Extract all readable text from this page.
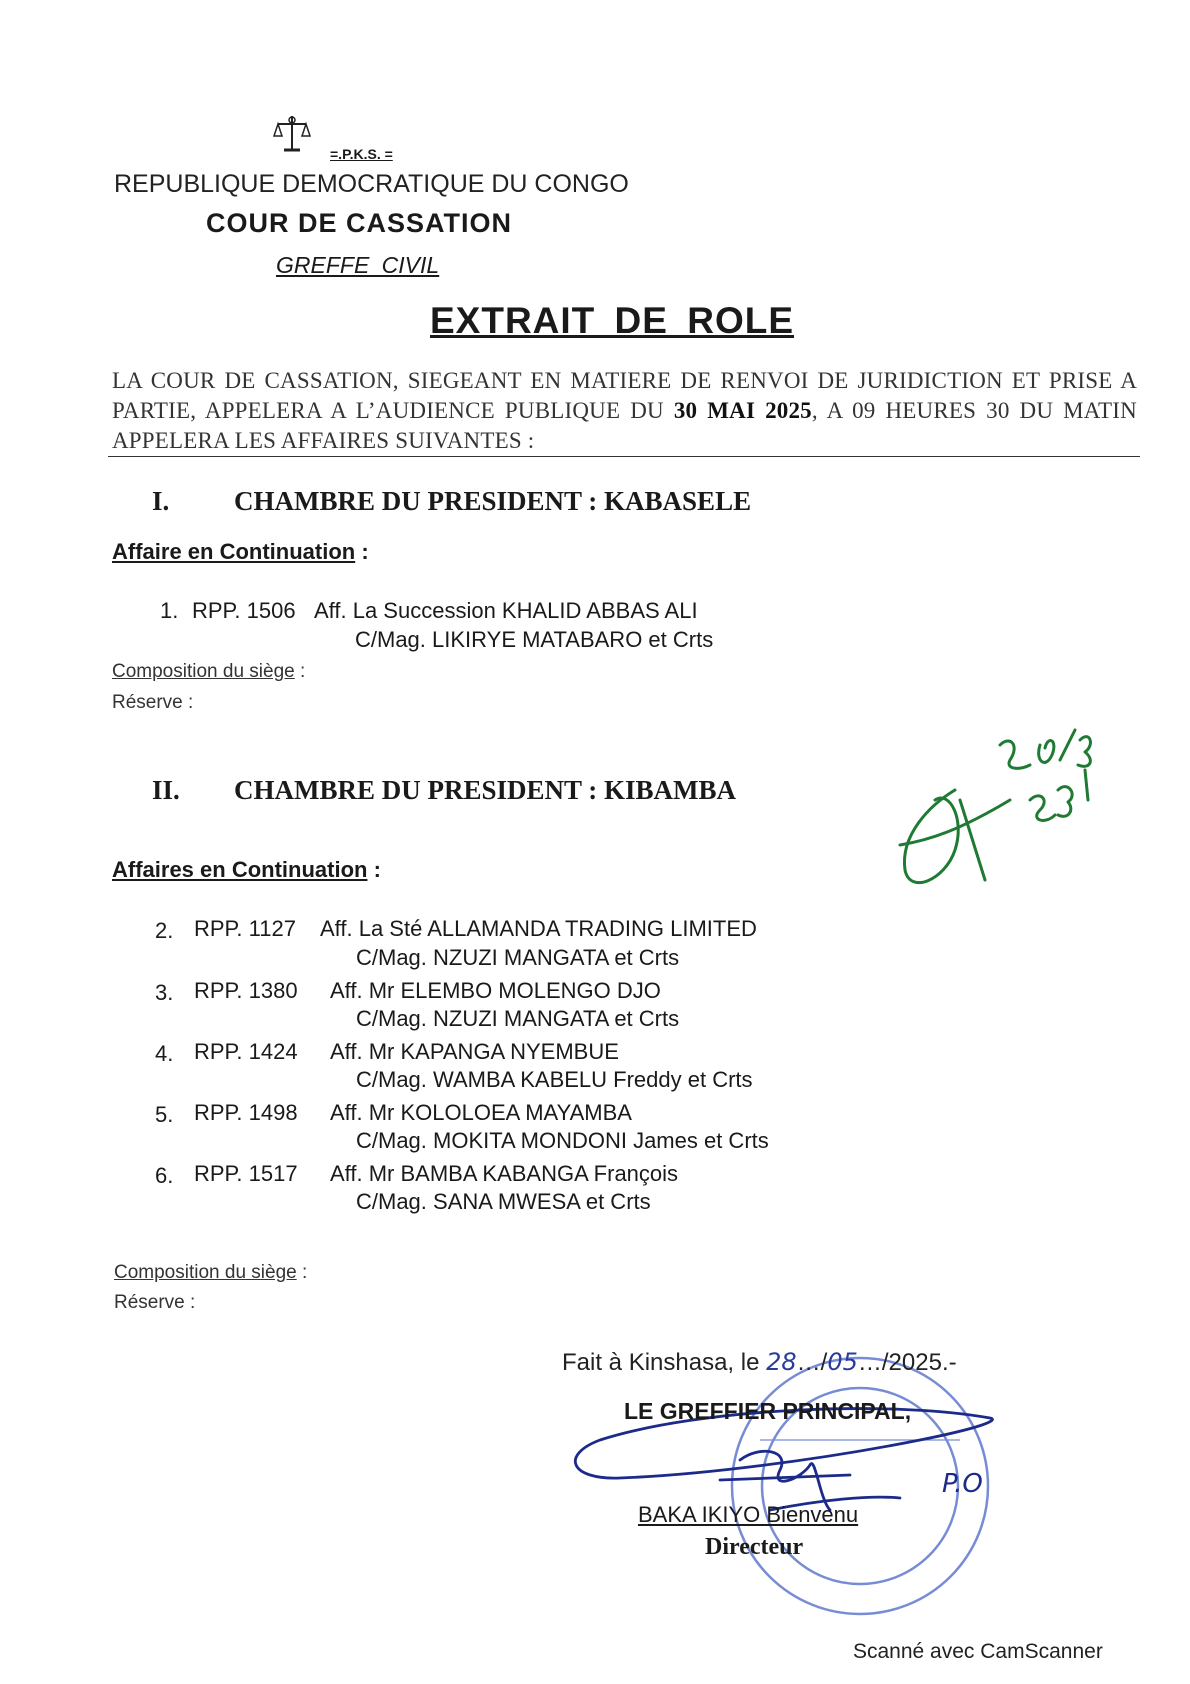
=.P.K.S. =
REPUBLIQUE DEMOCRATIQUE DU CONGO
COUR DE CASSATION
GREFFE CIVIL
EXTRAIT DE ROLE
LA COUR DE CASSATION, SIEGEANT EN MATIERE DE RENVOI DE JURIDICTION ET PRISE A PARTIE, APPELERA A L’AUDIENCE PUBLIQUE DU 30 MAI 2025, A 09 HEURES 30 DU MATIN APPELERA LES AFFAIRES SUIVANTES :
I. CHAMBRE DU PRESIDENT : KABASELE
Affaire en Continuation :
1. RPP. 1506 Aff. La Succession KHALID ABBAS ALI
C/Mag. LIKIRYE MATABARO et Crts
Composition du siège :
Réserve :
II. CHAMBRE DU PRESIDENT : KIBAMBA
Affaires en Continuation :
2. RPP. 1127 Aff. La Sté ALLAMANDA TRADING LIMITED
C/Mag. NZUZI MANGATA et Crts
3. RPP. 1380 Aff. Mr ELEMBO MOLENGO DJO
C/Mag. NZUZI MANGATA et Crts
4. RPP. 1424 Aff. Mr KAPANGA NYEMBUE
C/Mag. WAMBA KABELU Freddy et Crts
5. RPP. 1498 Aff. Mr KOLOLOEA MAYAMBA
C/Mag. MOKITA MONDONI James et Crts
6. RPP. 1517 Aff. Mr BAMBA KABANGA François
C/Mag. SANA MWESA et Crts
Composition du siège :
Réserve :
P.O
Fait à Kinshasa, le 28…/05…/2025.-
LE GREFFIER PRINCIPAL,
BAKA IKIYO Bienvenu
Directeur
Scanné avec CamScanner
